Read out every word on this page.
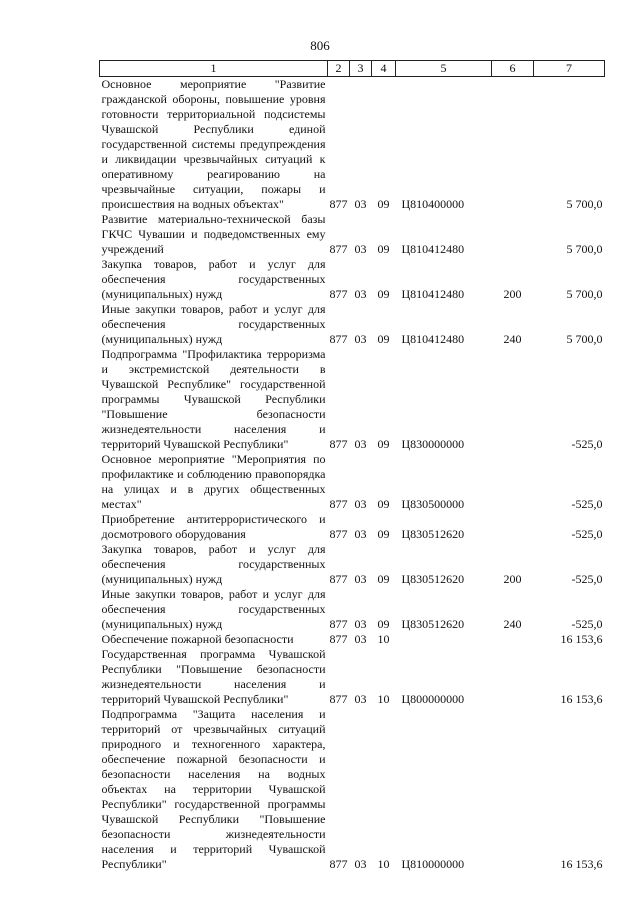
806
1	2	3	4	5	6	7
Основное мероприятие "Развитие гражданской обороны, повышение уровня готовности территориальной подсистемы Чувашской Республики единой государственной системы предупреждения и ликвидации чрезвычайных ситуаций к оперативному реагированию на чрезвычайные ситуации, пожары и происшествия на водных объектах"	877	03	09	Ц810400000		5 700,0
Развитие материально-технической базы ГКЧС Чувашии и подведомственных ему учреждений	877	03	09	Ц810412480		5 700,0
Закупка товаров, работ и услуг для обеспечения государственных (муниципальных) нужд	877	03	09	Ц810412480	200	5 700,0
Иные закупки товаров, работ и услуг для обеспечения государственных (муниципальных) нужд	877	03	09	Ц810412480	240	5 700,0
Подпрограмма "Профилактика терроризма и экстремистской деятельности в Чувашской Республике" государственной программы Чувашской Республики "Повышение безопасности жизнедеятельности населения и территорий Чувашской Республики"	877	03	09	Ц830000000		-525,0
Основное мероприятие "Мероприятия по профилактике и соблюдению правопорядка на улицах и в других общественных местах"	877	03	09	Ц830500000		-525,0
Приобретение антитеррористического и досмотрового оборудования	877	03	09	Ц830512620		-525,0
Закупка товаров, работ и услуг для обеспечения государственных (муниципальных) нужд	877	03	09	Ц830512620	200	-525,0
Иные закупки товаров, работ и услуг для обеспечения государственных (муниципальных) нужд	877	03	09	Ц830512620	240	-525,0
Обеспечение пожарной безопасности	877	03	10			16 153,6
Государственная программа Чувашской Республики "Повышение безопасности жизнедеятельности населения и территорий Чувашской Республики"	877	03	10	Ц800000000		16 153,6
Подпрограмма "Защита населения и территорий от чрезвычайных ситуаций природного и техногенного характера, обеспечение пожарной безопасности и безопасности населения на водных объектах на территории Чувашской Республики" государственной программы Чувашской Республики "Повышение безопасности жизнедеятельности населения и территорий Чувашской Республики"	877	03	10	Ц810000000		16 153,6
